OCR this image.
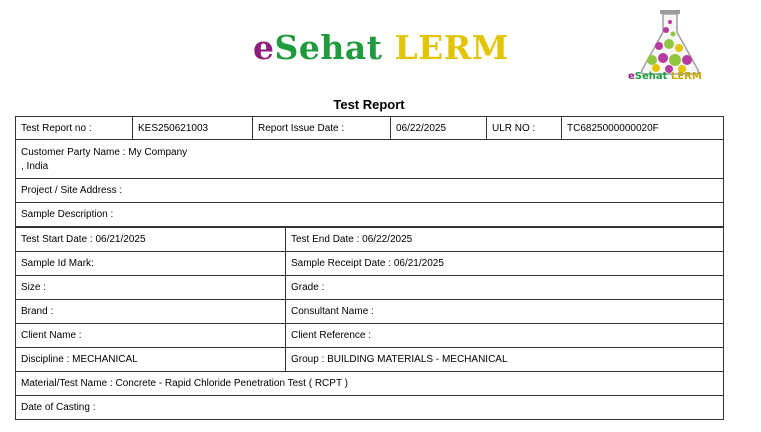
eSehat LERM
eSehat LERM
Test Report
Test Report no :	KES250621003	Report Issue Date :		06/22/2025	ULR NO :	TC6825000000020F

Customer Party Name : My Company
, India						

Project / Site Address :						
Sample Description :						
Test Start Date : 06/21/2025			Test End Date : 06/22/2025			
Sample Id Mark:			Sample Receipt Date : 06/21/2025			
Size :			Grade :			
Brand :			Consultant Name :			
Client Name :			Client Reference :			
Discipline : MECHANICAL			Group : BUILDING MATERIALS - MECHANICAL			
Material/Test Name : Concrete - Rapid Chloride Penetration Test ( RCPT )						
Date of Casting :						
